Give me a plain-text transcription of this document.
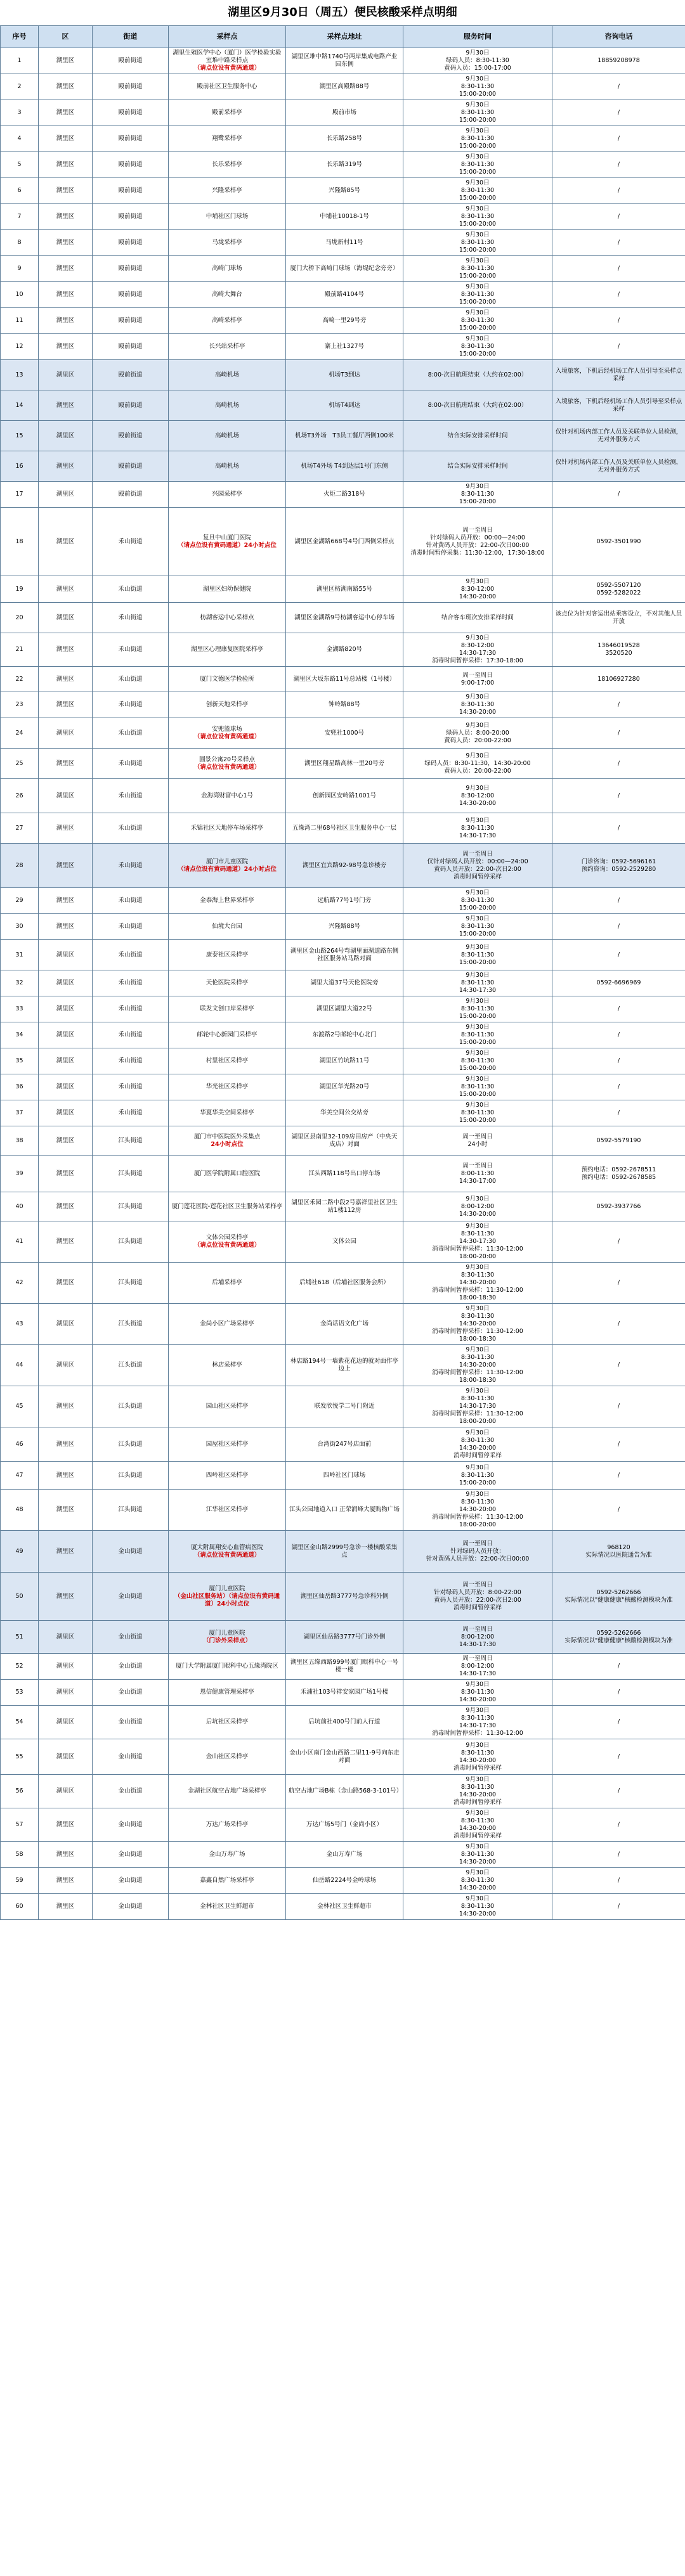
湖里区9月30日（周五）便民核酸采样点明细
序号	区	街道	采样点	采样点地址	服务时间	咨询电话
1	湖里区	殿前街道	湖里生殖医学中心（厦门）医学检验实验室堆中路采样点
（请点位设有黄码通道）	湖里区堆中路1740号两岸集成电路产业园东侧	9月30日
绿码人员：8:30-11:30
黄码人员：15:00-17:00	18859208978
2	湖里区	殿前街道	殿前社区卫生服务中心	湖里区高殿路88号	9月30日
8:30-11:30
15:00-20:00	/
3	湖里区	殿前街道	殿前采样亭	殿前市场	9月30日
8:30-11:30
15:00-20:00	/
4	湖里区	殿前街道	翔鹭采样亭	长乐路258号	9月30日
8:30-11:30
15:00-20:00	/
5	湖里区	殿前街道	长乐采样亭	长乐路319号	9月30日
8:30-11:30
15:00-20:00	/
6	湖里区	殿前街道	兴隆采样亭	兴隆路85号	9月30日
8:30-11:30
15:00-20:00	/
7	湖里区	殿前街道	中埔社区门球场	中埔社10018-1号	9月30日
8:30-11:30
15:00-20:00	/
8	湖里区	殿前街道	马垅采样亭	马垅新村11号	9月30日
8:30-11:30
15:00-20:00	/
9	湖里区	殿前街道	高崎门球场	厦门大桥下高崎门球场（海堤纪念旁旁）	9月30日
8:30-11:30
15:00-20:00	/
10	湖里区	殿前街道	高崎大舞台	殿前路4104号	9月30日
8:30-11:30
15:00-20:00	/
11	湖里区	殿前街道	高崎采样亭	高崎一里29号旁	9月30日
8:30-11:30
15:00-20:00	/
12	湖里区	殿前街道	长兴站采样亭	寨上社1327号	9月30日
8:30-11:30
15:00-20:00	/
13	湖里区	殿前街道	高崎机场	机场T3到达	8:00-次日航班结束（大约在02:00）	入境旅客，下机后经机场工作人员引导至采样点采样
14	湖里区	殿前街道	高崎机场	机场T4到达	8:00-次日航班结束（大约在02:00）	入境旅客，下机后经机场工作人员引导至采样点采样
15	湖里区	殿前街道	高崎机场	机场T3外场　T3员工餐厅西侧100米	结合实际安排采样时间	仅针对机场内部工作人员及关联单位人员检测，无对外服务方式
16	湖里区	殿前街道	高崎机场	机场T4外场 T4到达层1号门东侧	结合实际安排采样时间	仅针对机场内部工作人员及关联单位人员检测，无对外服务方式
17	湖里区	殿前街道	兴园采样亭	火炬二路318号	9月30日
8:30-11:30
15:00-20:00	/
18	湖里区	禾山街道	复旦中山厦门医院
（请点位设有黄码通道）24小时点位	湖里区金湖路668号4号门西侧采样点	周一至周日
针对绿码人员开放：00:00—24:00
针对黄码人员开放：22:00-次日00:00
消毒时间暂停采集：11:30-12:00，17:30-18:00	0592-3501990
19	湖里区	禾山街道	湖里区妇幼保健院	湖里区枋湖南路55号	9月30日
8:30-12:00
14:30-20:00	0592-5507120
0592-5282022
20	湖里区	禾山街道	枋湖客运中心采样点	湖里区金湖路9号枋湖客运中心停车场	结合客车班次安排采样时间	该点位为针对客运出站乘客设立，不对其他人员开放
21	湖里区	禾山街道	湖里区心理康复医院采样亭	金湖路820号	9月30日
8:30-12:00
14:30-17:30
消毒时间暂停采样：17:30-18:00	13646019528
3520520
22	湖里区	禾山街道	厦门文德医学检验所	湖里区大坂东路11号总站楼（1号楼）	周一至周日
9:00-17:00	18106927280
23	湖里区	禾山街道	创新天地采样亭	钟岭路88号	9月30日
8:30-11:30
14:30-20:00	/
24	湖里区	禾山街道	安兜篮球场
（请点位设有黄码通道）	安兜社1000号	9月30日
绿码人员：8:00-20:00
黄码人员：20:00-22:00	/
25	湖里区	禾山街道	園景公寓20号采样点
（请点位设有黄码通道）	湖里区翔星路高林一里20号旁	9月30日
绿码人员：8:30-11:30，14:30-20:00
黄码人员：20:00-22:00	/
26	湖里区	禾山街道	金海湾财富中心1号	创新园区安岭路1001号	9月30日
8:30-12:00
14:30-20:00	/
27	湖里区	禾山街道	禾锦社区天地停车场采样亭	五缘湾二里68号社区卫生服务中心一层	9月30日
8:30-11:30
14:30-17:30	/
28	湖里区	禾山街道	厦门市儿童医院
（请点位设有黄码通道）24小时点位	湖里区宜宾路92-98号急诊楼旁	周一至周日
仅针对绿码人员开放：00:00—24:00
黄码人员开放：22:00-次日2:00
消毒时间暂停采样	门诊咨询：0592-5696161
预约咨询：0592-2529280
29	湖里区	禾山街道	金泰海上世界采样亭	远航路77号1号门旁	9月30日
8:30-11:30
15:00-20:00	/
30	湖里区	禾山街道	仙境大台园	兴隆路88号	9月30日
8:30-11:30
15:00-20:00	/
31	湖里区	禾山街道	康泰社区采样亭	湖里区金山路264号弯湖里面湖道路东侧社区服务站马路对面	9月30日
8:30-11:30
15:00-20:00	/
32	湖里区	禾山街道	天伦医院采样亭	湖里大道37号天伦医院旁	9月30日
8:30-11:30
14:30-17:30	0592-6696969
33	湖里区	禾山街道	联发文创口岸采样亭	湖里区湖里大道22号	9月30日
8:30-11:30
15:00-20:00	/
34	湖里区	禾山街道	邮轮中心新园门采样亭	东渡路2号邮轮中心北门	9月30日
8:30-11:30
15:00-20:00	/
35	湖里区	禾山街道	村里社区采样亭	湖里区竹坑路11号	9月30日
8:30-11:30
15:00-20:00	/
36	湖里区	禾山街道	华光社区采样亭	湖里区华光路20号	9月30日
8:30-11:30
15:00-20:00	/
37	湖里区	禾山街道	华夏华美空间采样亭	华美空间公交站旁	9月30日
8:30-11:30
15:00-20:00	/
38	湖里区	江头街道	厦门市中医院医外采集点
24小时点位	湖里区县南里32-109房田房产（中央天成店）对面	周一至周日
24小时	0592-5579190
39	湖里区	江头街道	厦门医学院附属口腔医院	江头西路118号出口停车场	周一至周日
8:00-11:30
14:30-17:00	预约电话：0592-2678511
预约电话：0592-2678585
40	湖里区	江头街道	厦门莲花医院-莲花社区卫生服务站采样亭	湖里区禾园二路中段2号嘉祥里社区卫生站1楼112房	9月30日
8:00-12:00
14:30-20:00	0592-3937766
41	湖里区	江头街道	文体公园采样亭
（请点位设有黄码通道）	文体公园	9月30日
8:30-11:30
14:30-17:30
消毒时间暂停采样：11:30-12:00
18:00-20:00	/
42	湖里区	江头街道	后埔采样亭	后埔社618（后埔社区服务会所）	9月30日
8:30-11:30
14:30-20:00
消毒时间暂停采样：11:30-12:00
18:00-18:30	/
43	湖里区	江头街道	金尚小区广场采样亭	金尚话语文化广场	9月30日
8:30-11:30
14:30-20:00
消毒时间暂停采样：11:30-12:00
18:00-18:30	/
44	湖里区	江头街道	林店采样亭	林店路194号一墙紫花花边的就对面作亭边上	9月30日
8:30-11:30
14:30-20:00
消毒时间暂停采样：11:30-12:00
18:00-18:30	/
45	湖里区	江头街道	园山社区采样亭	联发欣悦学二号门附近	9月30日
8:30-11:30
14:30-17:30
消毒时间暂停采样：11:30-12:00
18:00-20:00	/
46	湖里区	江头街道	园屋社区采样亭	台湾街247号店面前	9月30日
8:30-11:30
14:30-20:00
消毒时间暂停采样	/
47	湖里区	江头街道	四岭社区采样亭	四岭社区门球场	9月30日
8:30-11:30
15:00-20:00	/
48	湖里区	江头街道	江华社区采样亭	江头公园地道入口 正荣润峰大厦购物广场	9月30日
8:30-11:30
14:30-20:00
消毒时间暂停采样：11:30-12:00
18:00-20:00	/
49	湖里区	金山街道	厦大附属翔安心血管病医院
（请点位设有黄码通道）	湖里区金山路2999号急诊一楼核酸采集点	周一至周日
针对绿码人员开放：
针对黄码人员开放：22:00-次日00:00	968120
实际情况以医院通告为准
50	湖里区	金山街道	厦门儿童医院
（金山社区服务站）（请点位设有黄码通道）24小时点位	湖里区仙岳路3777号急诊科外侧	周一至周日
针对绿码人员开放：8:00-22:00
黄码人员开放：22:00-次日2:00
消毒时间暂停采样	0592-5262666
实际情况以"健康健康"核酸检测模块为准
51	湖里区	金山街道	厦门儿童医院
（门诊外采样点）	湖里区仙岳路3777号门诊外侧	周一至周日
8:00-12:00
14:30-17:30	0592-5262666
实际情况以"健康健康"核酸检测模块为准
52	湖里区	金山街道	厦门大学附属厦门眼科中心五缘湾院区	湖里区五缘西路999号厦门眼科中心一号楼一楼	周一至周日
8:00-12:00
14:30-17:30	/
53	湖里区	金山街道	恩信健康管理采样亭	禾浦社103号祥安家园广场1号楼	9月30日
8:30-11:30
14:30-20:00	/
54	湖里区	金山街道	后坑社区采样亭	后坑前社400号门前人行道	9月30日
8:30-11:30
14:30-17:30
消毒时间暂停采样：11:30-12:00	/
55	湖里区	金山街道	金山社区采样亭	金山小区南门金山西路二里11-9号向东走对面	9月30日
8:30-11:30
14:30-20:00
消毒时间暂停采样	/
56	湖里区	金山街道	金湖社区航空古地广场采样亭	航空古地广场B栋（金山路568-3-101号）	9月30日
8:30-11:30
14:30-20:00
消毒时间暂停采样	/
57	湖里区	金山街道	万达广场采样亭	万达广场5号门（金尚小区）	9月30日
8:30-11:30
14:30-20:00
消毒时间暂停采样	/
58	湖里区	金山街道	金山万寿广场	金山万寿广场	9月30日
8:30-11:30
14:30-20:00	/
59	湖里区	金山街道	嘉鑫自然广场采样亭	仙岳路2224号金岭球场	9月30日
8:30-11:30
14:30-20:00	/
60	湖里区	金山街道	金林社区卫生鲜超市	金林社区卫生鲜超市	9月30日
8:30-11:30
14:30-20:00	/
